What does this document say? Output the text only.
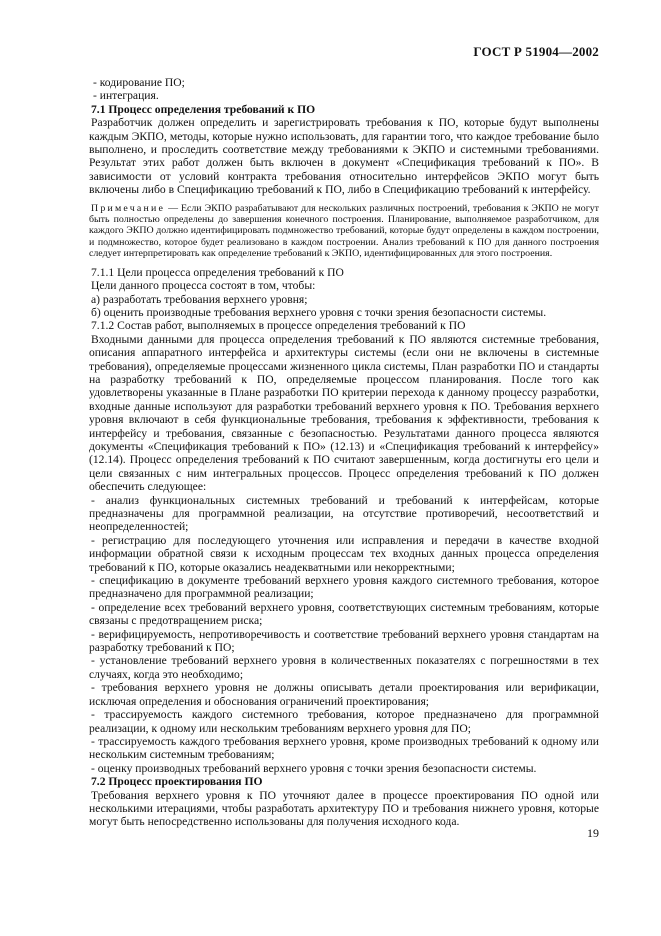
ГОСТ Р 51904—2002

- кодирование ПО;

- интеграция.

7.1 Процесс определения требований к ПО

Разработчик должен определить и зарегистрировать требования к ПО, которые будут выполнены каждым ЭКПО, методы, которые нужно использовать, для гарантии того, что каждое требование было выполнено, и проследить соответствие между требованиями к ЭКПО и системными требованиями. Результат этих работ должен быть включен в документ «Спецификация требований к ПО». В зависимости от условий контракта требования относительно интерфейсов ЭКПО могут быть включены либо в Спецификацию требований к ПО, либо в Спецификацию требований к интерфейсу.

Примечание — Если ЭКПО разрабатывают для нескольких различных построений, требования к ЭКПО не могут быть полностью определены до завершения конечного построения. Планирование, выполняемое разработчиком, для каждого ЭКПО должно идентифицировать подмножество требований, которые будут определены в каждом построении, и подмножество, которое будет реализовано в каждом построении. Анализ требований к ПО для данного построения следует интерпретировать как определение требований к ЭКПО, идентифицированных для этого построения.

7.1.1 Цели процесса определения требований к ПО

Цели данного процесса состоят в том, чтобы:

а) разработать требования верхнего уровня;

б) оценить производные требования верхнего уровня с точки зрения безопасности системы.

7.1.2 Состав работ, выполняемых в процессе определения требований к ПО

Входными данными для процесса определения требований к ПО являются системные требования, описания аппаратного интерфейса и архитектуры системы (если они не включены в системные требования), определяемые процессами жизненного цикла системы, План разработки ПО и стандарты на разработку требований к ПО, определяемые процессом планирования. После того как удовлетворены указанные в Плане разработки ПО критерии перехода к данному процессу разработки, входные данные используют для разработки требований верхнего уровня к ПО. Требования верхнего уровня включают в себя функциональные требования, требования к эффективности, требования к интерфейсу и требования, связанные с безопасностью. Результатами данного процесса являются документы «Спецификация требований к ПО» (12.13) и «Спецификация требований к интерфейсу» (12.14). Процесс определения требований к ПО считают завершенным, когда достигнуты его цели и цели связанных с ним интегральных процессов. Процесс определения требований к ПО должен обеспечить следующее:

- анализ функциональных системных требований и требований к интерфейсам, которые предназначены для программной реализации, на отсутствие противоречий, несоответствий и неопределенностей;

- регистрацию для последующего уточнения или исправления и передачи в качестве входной информации обратной связи к исходным процессам тех входных данных процесса определения требований к ПО, которые оказались неадекватными или некорректными;

- спецификацию в документе требований верхнего уровня каждого системного требования, которое предназначено для программной реализации;

- определение всех требований верхнего уровня, соответствующих системным требованиям, которые связаны с предотвращением риска;

- верифицируемость, непротиворечивость и соответствие требований верхнего уровня стандартам на разработку требований к ПО;

- установление требований верхнего уровня в количественных показателях с погрешностями в тех случаях, когда это необходимо;

- требования верхнего уровня не должны описывать детали проектирования или верификации, исключая определения и обоснования ограничений проектирования;

- трассируемость каждого системного требования, которое предназначено для программной реализации, к одному или нескольким требованиям верхнего уровня для ПО;

- трассируемость каждого требования верхнего уровня, кроме производных требований к одному или нескольким системным требованиям;

- оценку производных требований верхнего уровня с точки зрения безопасности системы.

7.2 Процесс проектирования ПО

Требования верхнего уровня к ПО уточняют далее в процессе проектирования ПО одной или несколькими итерациями, чтобы разработать архитектуру ПО и требования нижнего уровня, которые могут быть непосредственно использованы для получения исходного кода.

19
